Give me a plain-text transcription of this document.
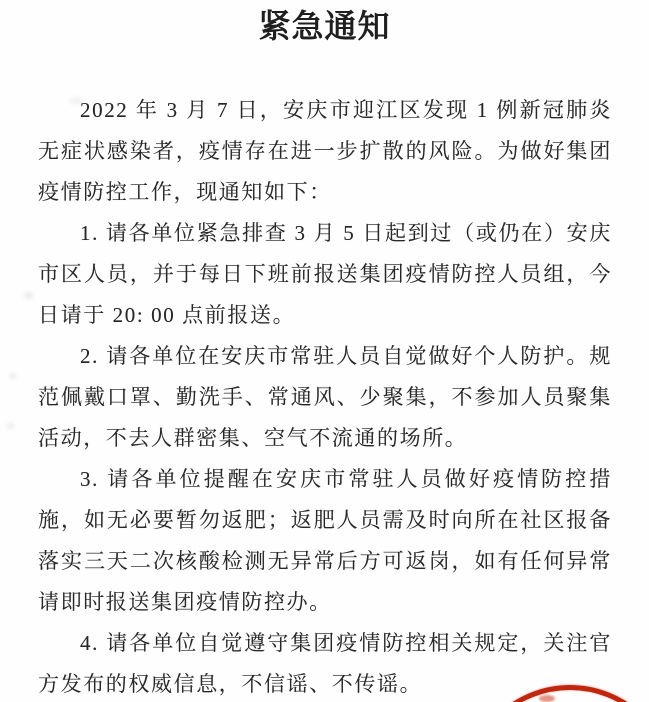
紧急通知

2022 年 3 月 7 日，安庆市迎江区发现 1 例新冠肺炎无症状感染者，疫情存在进一步扩散的风险。为做好集团疫情防控工作，现通知如下：

1. 请各单位紧急排查 3 月 5 日起到过（或仍在）安庆市区人员，并于每日下班前报送集团疫情防控人员组，今日请于 20: 00 点前报送。

2. 请各单位在安庆市常驻人员自觉做好个人防护。规范佩戴口罩、勤洗手、常通风、少聚集，不参加人员聚集活动，不去人群密集、空气不流通的场所。

3. 请各单位提醒在安庆市常驻人员做好疫情防控措施，如无必要暂勿返肥；返肥人员需及时向所在社区报备落实三天二次核酸检测无异常后方可返岗，如有任何异常请即时报送集团疫情防控办。

4. 请各单位自觉遵守集团疫情防控相关规定，关注官方发布的权威信息，不信谣、不传谣。
